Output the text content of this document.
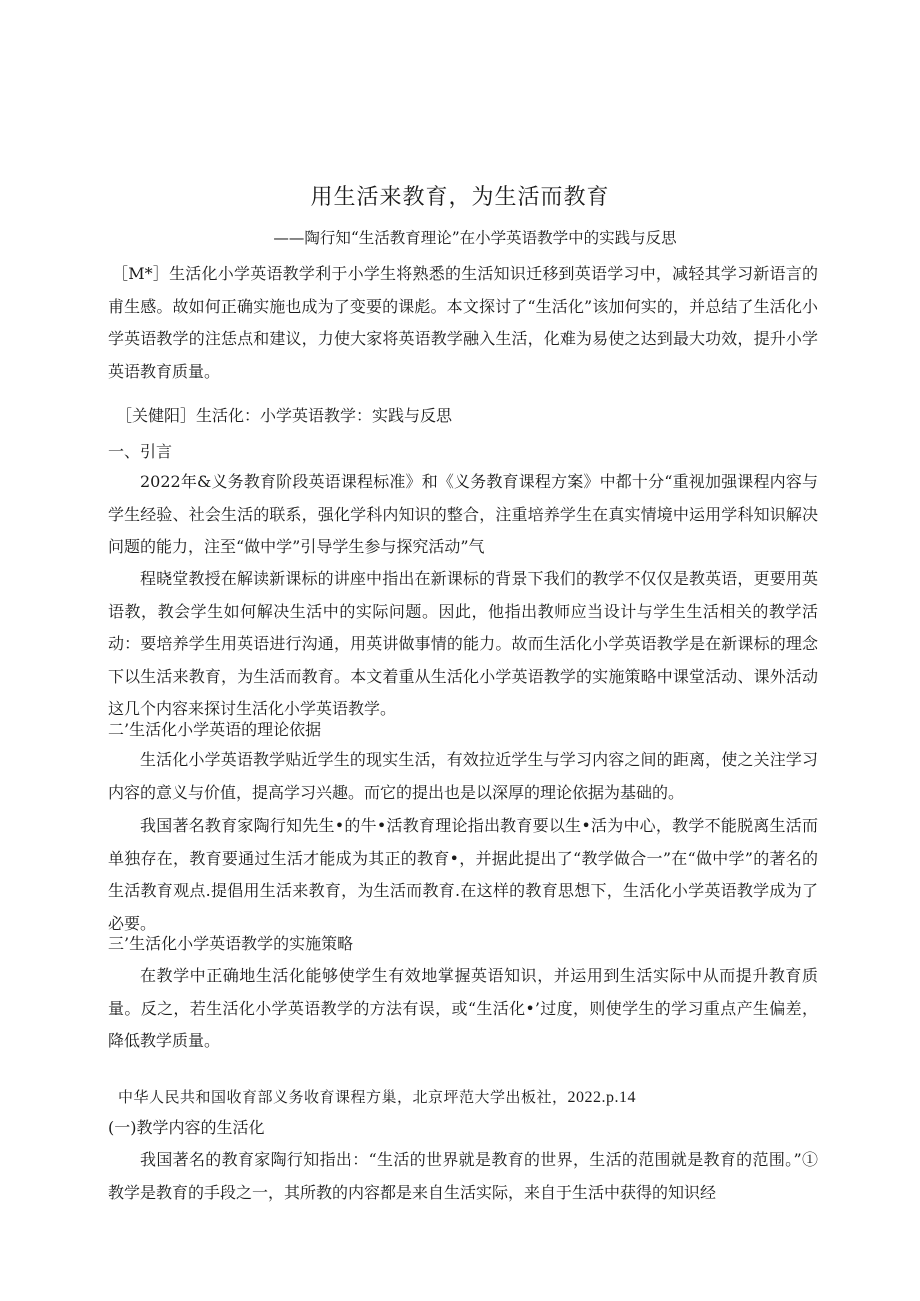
用生活来教育，为生活而教育
——陶行知“生活教育理论”在小学英语教学中的实践与反思
［M*］生活化小学英语教学利于小学生将熟悉的生活知识迁移到英语学习中，减轻其学习新语言的甫生感。故如何正确实施也成为了变要的课彪。本文探讨了“生活化”该加何实的，并总结了生活化小学英语教学的注恁点和建议，力使大家将英语教学融入生活，化难为易使之达到最大功效，提升小学英语教育质量。
［关健阳］生活化：小学英语教学：实践与反思
一、引言
2022年&义务教育阶段英语课程标准》和《义务教育课程方案》中都十分“重视加强课程内容与学生经验、社会生活的联系，强化学科内知识的整合，注重培养学生在真实情境中运用学科知识解决问题的能力，注至“做中学”引导学生参与探究活动”气
程晓堂教授在解读新课标的讲座中指出在新课标的背景下我们的教学不仅仅是教英语，更要用英语教，教会学生如何解决生活中的实际问题。因此，他指出教师应当设计与学生生活相关的教学活动：要培养学生用英语进行沟通，用英讲做事情的能力。故而生活化小学英语教学是在新课标的理念下以生活来教育，为生活而教育。本文着重从生活化小学英语教学的实施策略中课堂活动、课外活动这几个内容来探讨生活化小学英语教学。
二’生活化小学英语的理论依据
生活化小学英语教学贴近学生的现实生活，有效拉近学生与学习内容之间的距离，使之关注学习内容的意义与价值，提高学习兴趣。而它的提出也是以深厚的理论依据为基础的。
我国著名教育家陶行知先生•的牛•活教育理论指出教育要以生•活为中心，教学不能脱离生活而单独存在，教育要通过生活才能成为其正的教育•，并据此提出了“教学做合一”在“做中学”的著名的生活教育观点.提倡用生活来教育，为生活而教育.在这样的教育思想下，生活化小学英语教学成为了必要。
三’生活化小学英语教学的实施策略
在教学中正确地生活化能够使学生有效地掌握英语知识，并运用到生活实际中从而提升教育质量。反之，若生活化小学英语教学的方法有误，或“生活化•’过度，则使学生的学习重点产生偏差，降低教学质量。
中华人民共和国收育部义务收育课程方巢，北京坪范大学出板社，2022.p.14
(一)教学内容的生活化
我国著名的教育家陶行知指出：“生活的世界就是教育的世界，生活的范围就是教育的范围。”①教学是教育的手段之一，其所教的内容都是来自生活实际，来自于生活中获得的知识经
